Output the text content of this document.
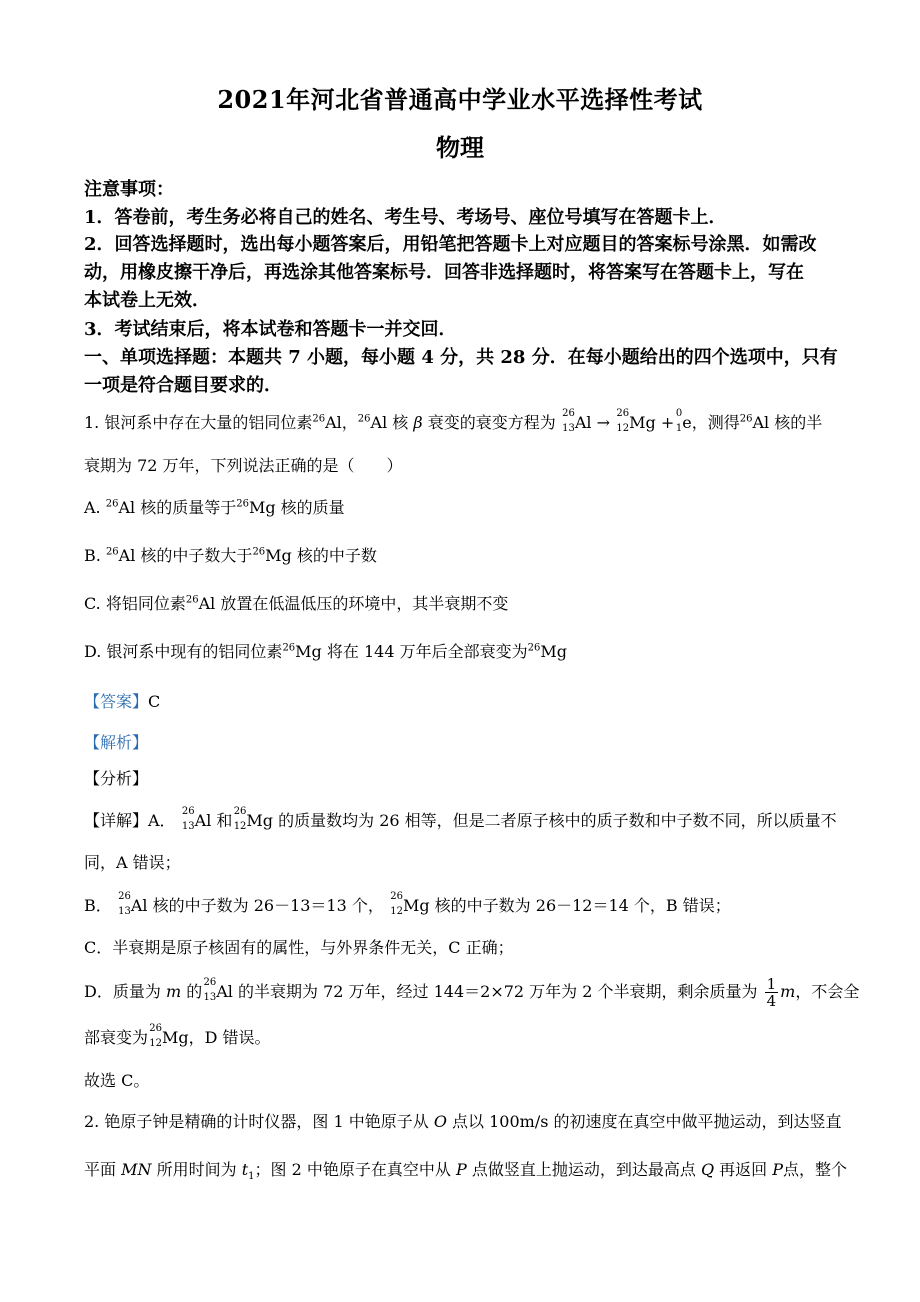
2021年河北省普通高中学业水平选择性考试
物理
注意事项：
1．答卷前，考生务必将自己的姓名、考生号、考场号、座位号填写在答题卡上．
2．回答选择题时，选出每小题答案后，用铅笔把答题卡上对应题目的答案标号涂黑．如需改
动，用橡皮擦干净后，再选涂其他答案标号．回答非选择题时，将答案写在答题卡上，写在
本试卷上无效．
3．考试结束后，将本试卷和答题卡一并交回．
一、单项选择题：本题共 7 小题，每小题 4 分，共 28 分．在每小题给出的四个选项中，只有
一项是符合题目要求的．
1. 银河系中存在大量的铝同位素$^{26}$Al，$^{26}$Al 核 β 衰变的衰变方程为 26
13 Al → 26
12 Mg + 0
1 e，测得$^{26}$Al 核的半
衰期为 72 万年，下列说法正确的是（　　）
A. $^{26}$Al 核的质量等于$^{26}$Mg 核的质量
B. $^{26}$Al 核的中子数大于$^{26}$Mg 核的中子数
C. 将铝同位素$^{26}$Al 放置在低温低压的环境中，其半衰期不变
D. 银河系中现有的铝同位素$^{26}$Mg 将在 144 万年后全部衰变为$^{26}$Mg
【答案】C
【解析】
【分析】
【详解】A． 26
13 Al 和 26
12 Mg 的质量数均为 26 相等，但是二者原子核中的质子数和中子数不同，所以质量不
同，A 错误；
B． 26
13 Al 核的中子数为 26－13＝13 个， 26
12 Mg 核的中子数为 26－12＝14 个，B 错误；
C．半衰期是原子核固有的属性，与外界条件无关，C 正确；
D．质量为 m 的 26
13 Al 的半衰期为 72 万年，经过 144＝2×72 万年为 2 个半衰期，剩余质量为 $\frac{1}{4}$ m，不会全
部衰变为 26
12 Mg，D 错误。
故选 C。
2. 铯原子钟是精确的计时仪器，图 1 中铯原子从 O 点以 100m/s 的初速度在真空中做平抛运动，到达竖直
平面 MN 所用时间为 $t_1$；图 2 中铯原子在真空中从 P 点做竖直上抛运动，到达最高点 Q 再返回 P点，整个
